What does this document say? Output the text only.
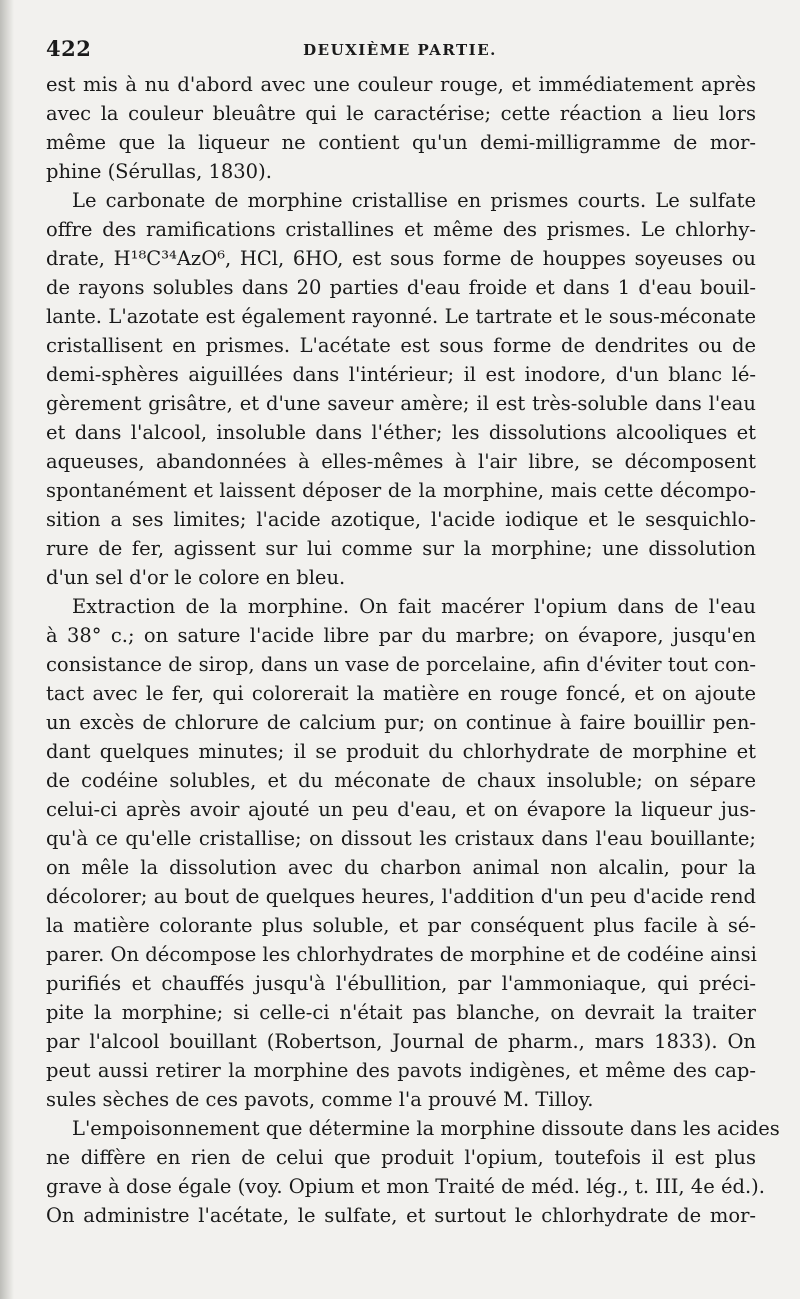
422	DEUXIÈME PARTIE.
est mis à nu d'abord avec une couleur rouge, et immédiatement après
avec la couleur bleuâtre qui le caractérise; cette réaction a lieu lors
même que la liqueur ne contient qu'un demi-milligramme de mor-
phine (Sérullas, 1830).
Le carbonate de morphine cristallise en prismes courts. Le sulfate
offre des ramifications cristallines et même des prismes. Le chlorhy-
drate, H¹⁸C³⁴AzO⁶, HCl, 6HO, est sous forme de houppes soyeuses ou
de rayons solubles dans 20 parties d'eau froide et dans 1 d'eau bouil-
lante. L'azotate est également rayonné. Le tartrate et le sous-méconate
cristallisent en prismes. L'acétate est sous forme de dendrites ou de
demi-sphères aiguillées dans l'intérieur; il est inodore, d'un blanc lé-
gèrement grisâtre, et d'une saveur amère; il est très-soluble dans l'eau
et dans l'alcool, insoluble dans l'éther; les dissolutions alcooliques et
aqueuses, abandonnées à elles-mêmes à l'air libre, se décomposent
spontanément et laissent déposer de la morphine, mais cette décompo-
sition a ses limites; l'acide azotique, l'acide iodique et le sesquichlo-
rure de fer, agissent sur lui comme sur la morphine; une dissolution
d'un sel d'or le colore en bleu.
Extraction de la morphine. On fait macérer l'opium dans de l'eau
à 38° c.; on sature l'acide libre par du marbre; on évapore, jusqu'en
consistance de sirop, dans un vase de porcelaine, afin d'éviter tout con-
tact avec le fer, qui colorerait la matière en rouge foncé, et on ajoute
un excès de chlorure de calcium pur; on continue à faire bouillir pen-
dant quelques minutes; il se produit du chlorhydrate de morphine et
de codéine solubles, et du méconate de chaux insoluble; on sépare
celui-ci après avoir ajouté un peu d'eau, et on évapore la liqueur jus-
qu'à ce qu'elle cristallise; on dissout les cristaux dans l'eau bouillante;
on mêle la dissolution avec du charbon animal non alcalin, pour la
décolorer; au bout de quelques heures, l'addition d'un peu d'acide rend
la matière colorante plus soluble, et par conséquent plus facile à sé-
parer. On décompose les chlorhydrates de morphine et de codéine ainsi
purifiés et chauffés jusqu'à l'ébullition, par l'ammoniaque, qui préci-
pite la morphine; si celle-ci n'était pas blanche, on devrait la traiter
par l'alcool bouillant (Robertson, Journal de pharm., mars 1833). On
peut aussi retirer la morphine des pavots indigènes, et même des cap-
sules sèches de ces pavots, comme l'a prouvé M. Tilloy.
L'empoisonnement que détermine la morphine dissoute dans les acides
ne diffère en rien de celui que produit l'opium, toutefois il est plus
grave à dose égale (voy. Opium et mon Traité de méd. lég., t. III, 4e éd.).
On administre l'acétate, le sulfate, et surtout le chlorhydrate de mor-
